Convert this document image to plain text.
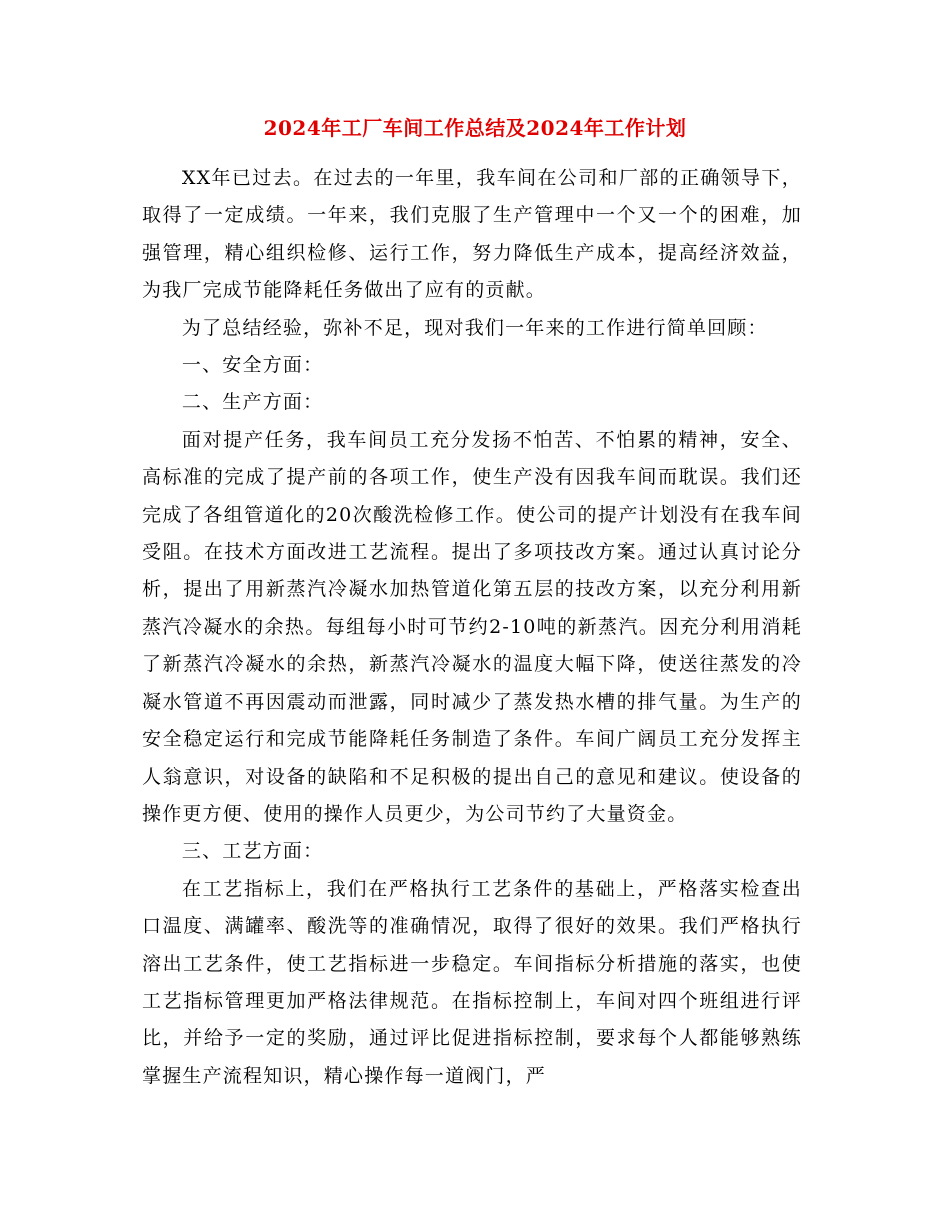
2024年工厂车间工作总结及2024年工作计划

XX年已过去。在过去的一年里，我车间在公司和厂部的正确领导下，取得了一定成绩。一年来，我们克服了生产管理中一个又一个的困难，加强管理，精心组织检修、运行工作，努力降低生产成本，提高经济效益，为我厂完成节能降耗任务做出了应有的贡献。

为了总结经验，弥补不足，现对我们一年来的工作进行简单回顾：

一、安全方面：

二、生产方面：

面对提产任务，我车间员工充分发扬不怕苦、不怕累的精神，安全、高标准的完成了提产前的各项工作，使生产没有因我车间而耽误。我们还完成了各组管道化的20次酸洗检修工作。使公司的提产计划没有在我车间受阻。在技术方面改进工艺流程。提出了多项技改方案。通过认真讨论分析，提出了用新蒸汽冷凝水加热管道化第五层的技改方案，以充分利用新蒸汽冷凝水的余热。每组每小时可节约2-10吨的新蒸汽。因充分利用消耗了新蒸汽冷凝水的余热，新蒸汽冷凝水的温度大幅下降，使送往蒸发的冷凝水管道不再因震动而泄露，同时减少了蒸发热水槽的排气量。为生产的安全稳定运行和完成节能降耗任务制造了条件。车间广阔员工充分发挥主人翁意识，对设备的缺陷和不足积极的提出自己的意见和建议。使设备的操作更方便、使用的操作人员更少，为公司节约了大量资金。

三、工艺方面：

在工艺指标上，我们在严格执行工艺条件的基础上，严格落实检查出口温度、满罐率、酸洗等的准确情况，取得了很好的效果。我们严格执行溶出工艺条件，使工艺指标进一步稳定。车间指标分析措施的落实，也使工艺指标管理更加严格法律规范。在指标控制上，车间对四个班组进行评比，并给予一定的奖励，通过评比促进指标控制，要求每个人都能够熟练掌握生产流程知识，精心操作每一道阀门，严
